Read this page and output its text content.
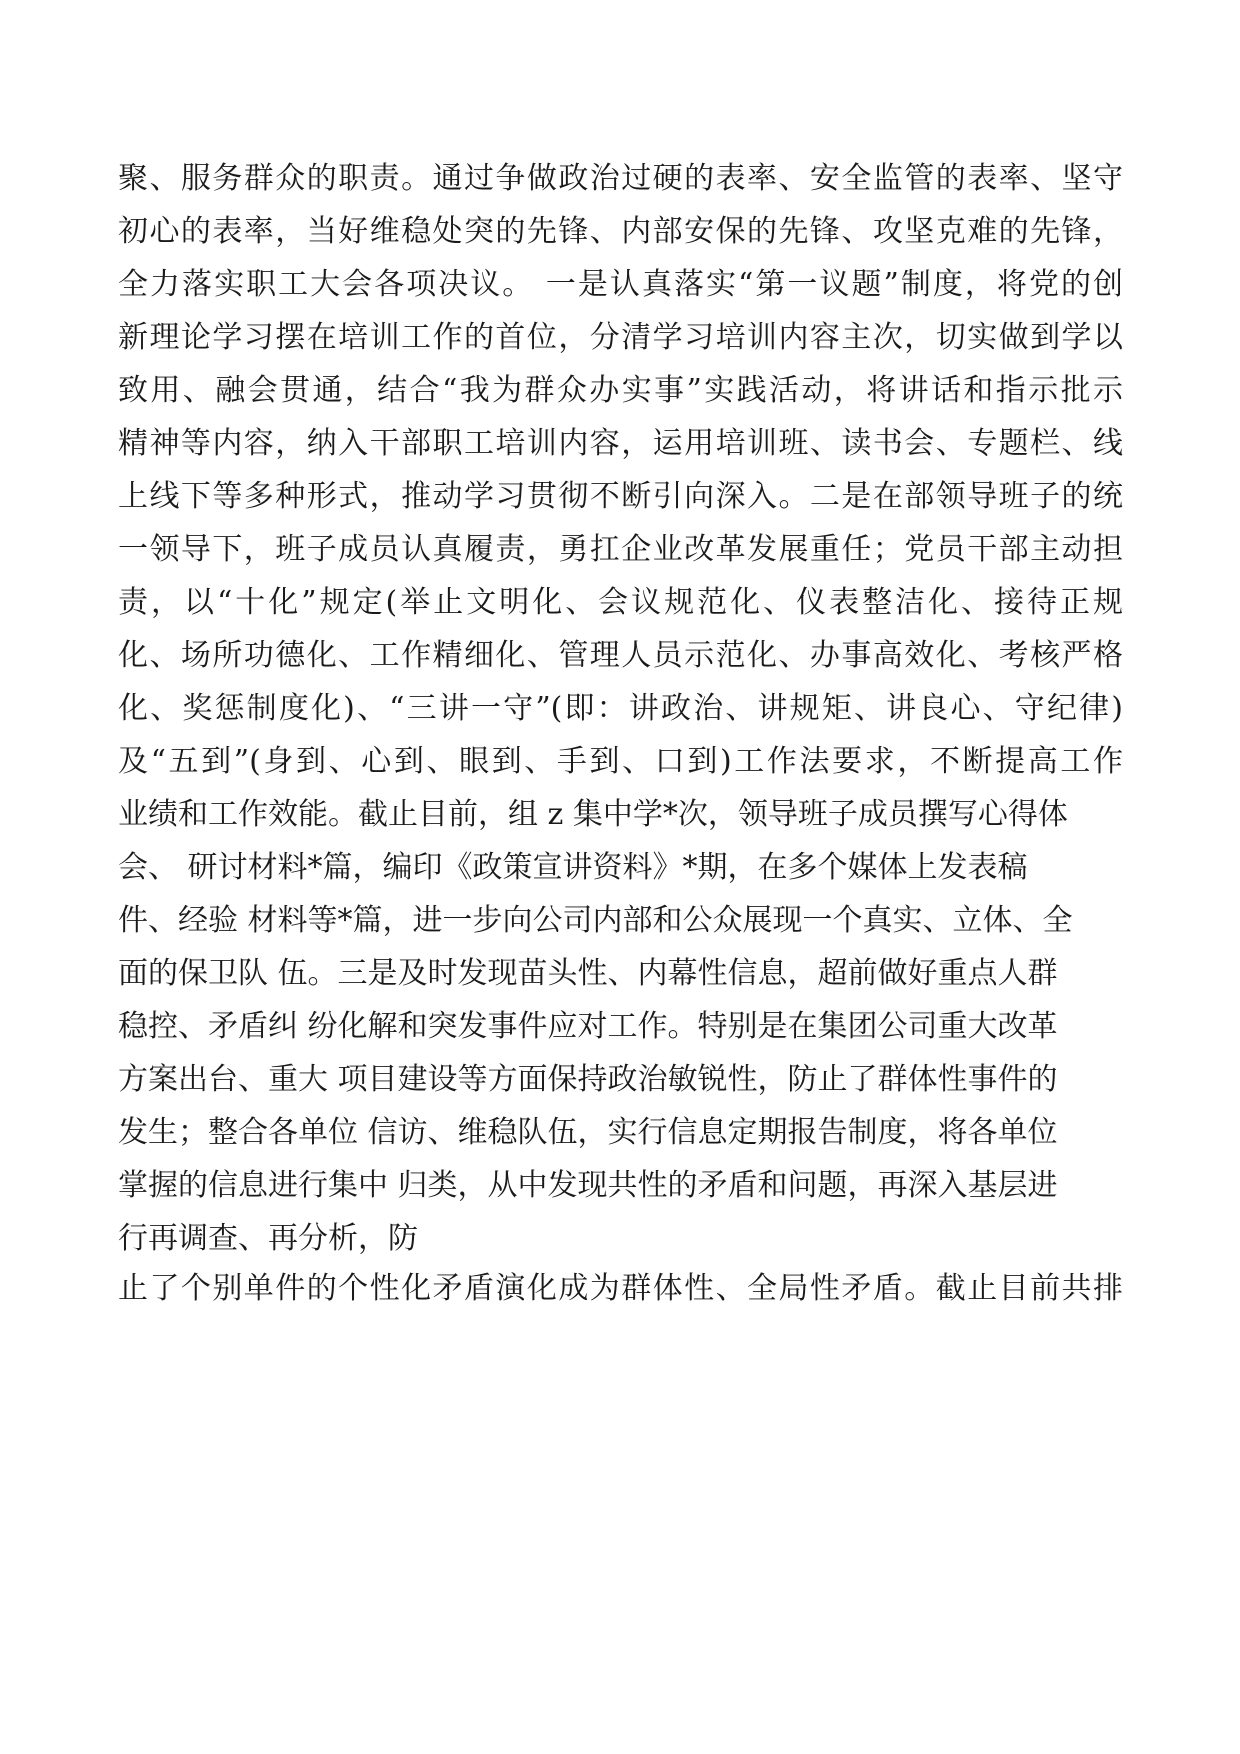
聚、服务群众的职责。通过争做政治过硬的表率、安全监管的表率、坚守
初心的表率，当好维稳处突的先锋、内部安保的先锋、攻坚克难的先锋，
全力落实职工大会各项决议。 一是认真落实“第一议题”制度，将党的创
新理论学习摆在培训工作的首位，分清学习培训内容主次，切实做到学以
致用、融会贯通，结合“我为群众办实事”实践活动，将讲话和指示批示
精神等内容，纳入干部职工培训内容，运用培训班、读书会、专题栏、线
上线下等多种形式，推动学习贯彻不断引向深入。二是在部领导班子的统
一领导下，班子成员认真履责，勇扛企业改革发展重任；党员干部主动担
责，以“十化”规定(举止文明化、会议规范化、仪表整洁化、接待正规
化、场所功德化、工作精细化、管理人员示范化、办事高效化、考核严格
化、奖惩制度化)、“三讲一守”(即：讲政治、讲规矩、讲良心、守纪律)
及“五到”(身到、心到、眼到、手到、口到)工作法要求，不断提高工作
业绩和工作效能。截止目前，组 z 集中学*次，领导班子成员撰写心得体
会、 研讨材料*篇，编印《政策宣讲资料》*期，在多个媒体上发表稿
件、经验 材料等*篇，进一步向公司内部和公众展现一个真实、立体、全
面的保卫队 伍。三是及时发现苗头性、内幕性信息，超前做好重点人群
稳控、矛盾纠 纷化解和突发事件应对工作。特别是在集团公司重大改革
方案出台、重大 项目建设等方面保持政治敏锐性，防止了群体性事件的
发生；整合各单位 信访、维稳队伍，实行信息定期报告制度，将各单位
掌握的信息进行集中 归类，从中发现共性的矛盾和问题，再深入基层进
行再调查、再分析，防
止了个别单件的个性化矛盾演化成为群体性、全局性矛盾。截止目前共排
